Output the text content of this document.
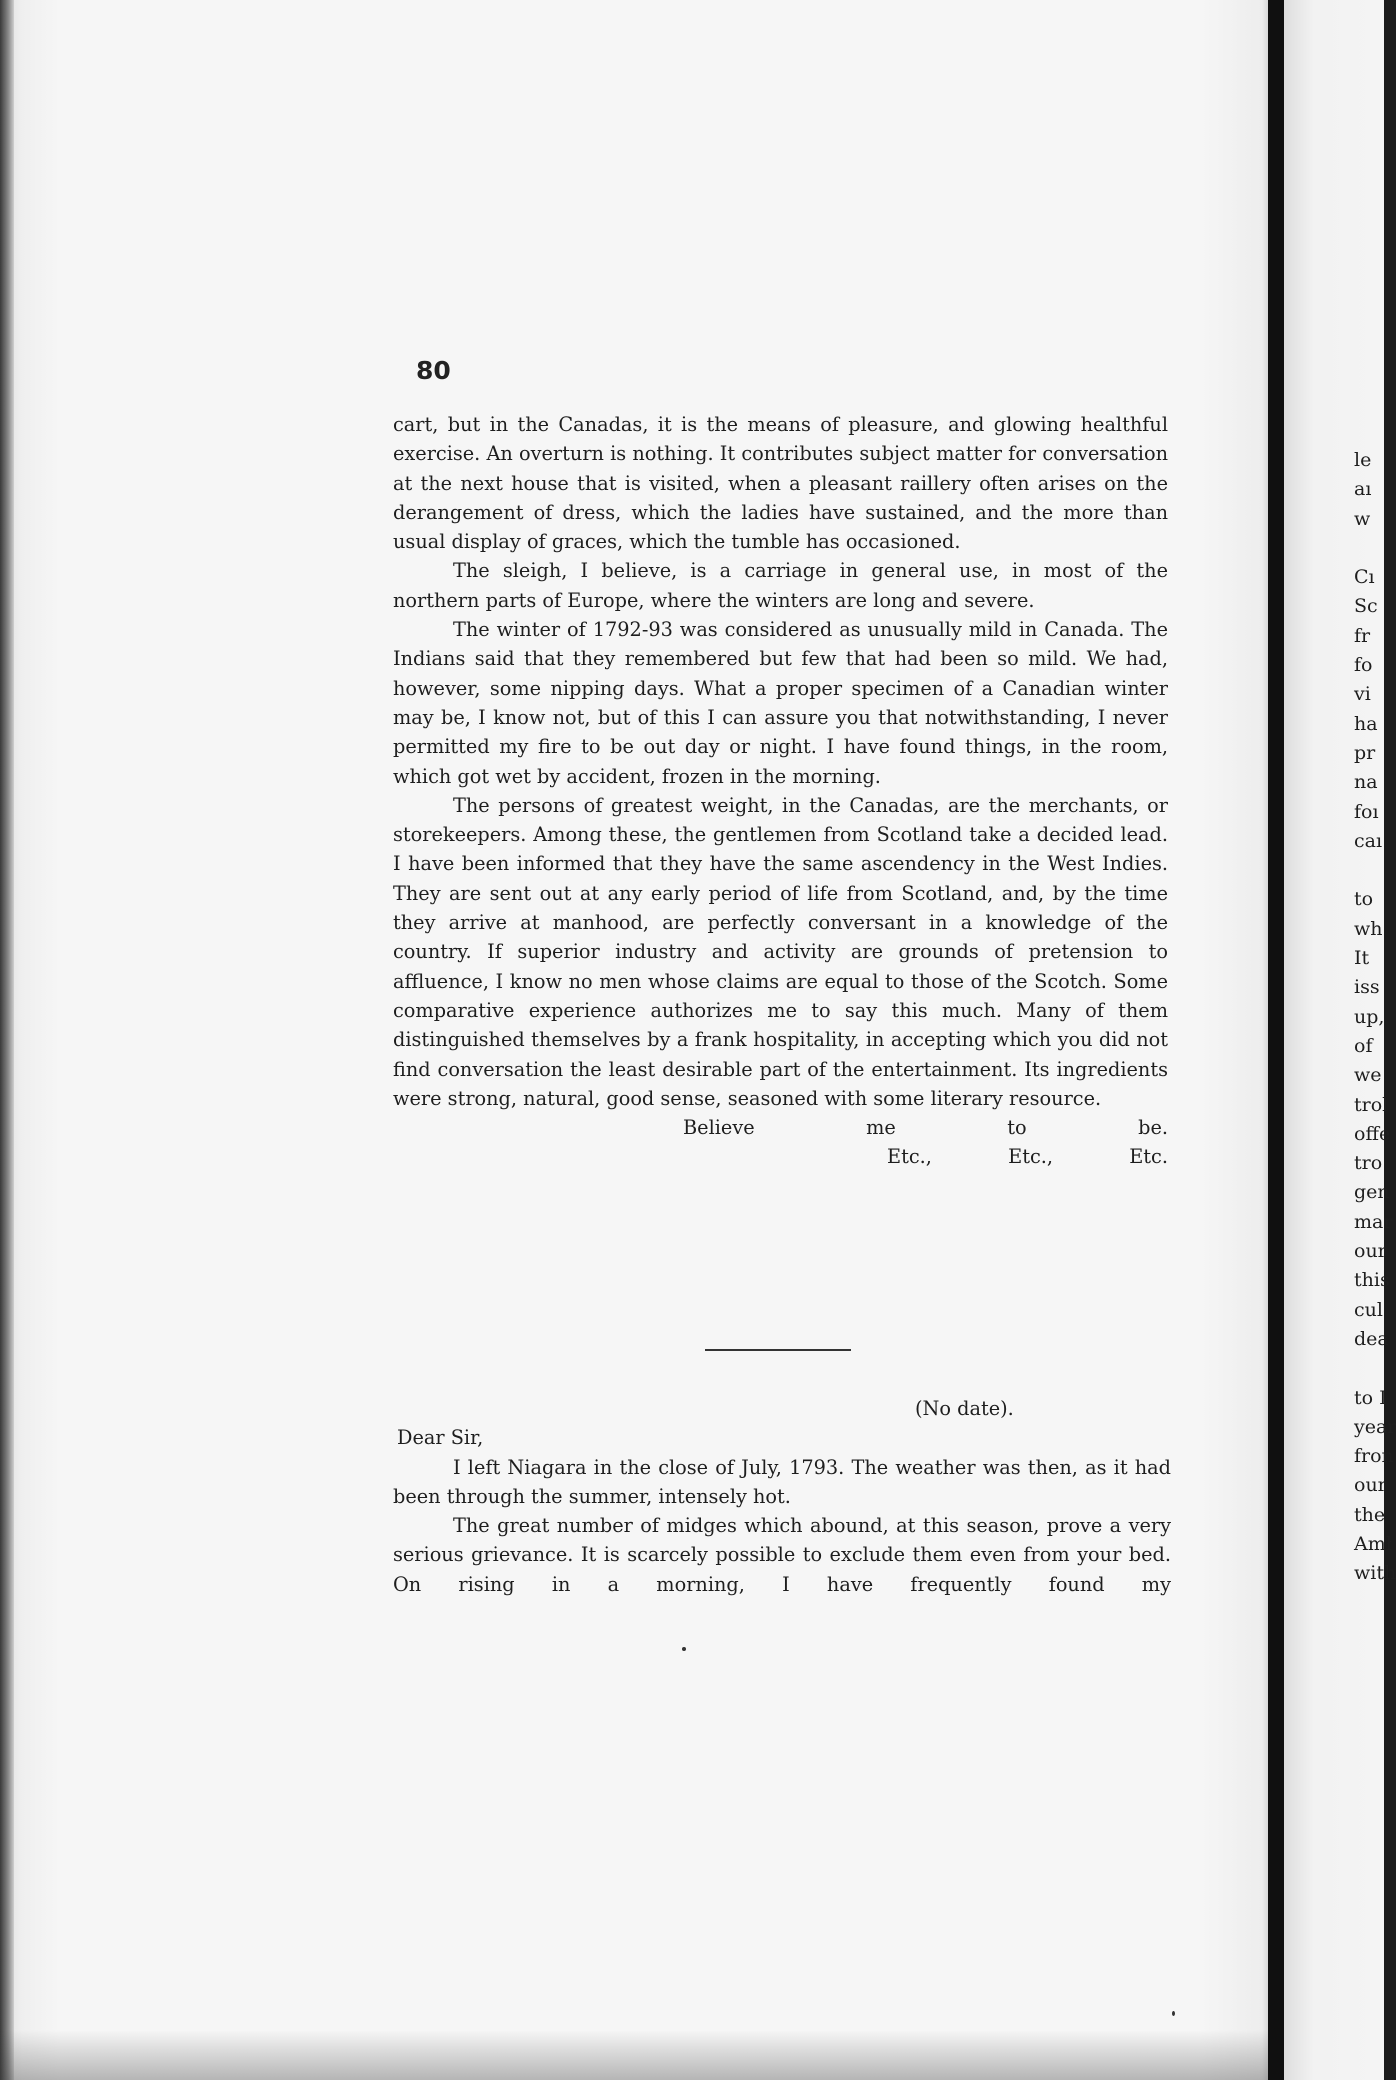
80

cart, but in the Canadas, it is the means of pleasure, and glowing healthful exercise. An overturn is nothing. It contributes subject matter for conversation at the next house that is visited, when a pleasant raillery often arises on the derangement of dress, which the ladies have sustained, and the more than usual display of graces, which the tumble has occasioned.

The sleigh, I believe, is a carriage in general use, in most of the northern parts of Europe, where the winters are long and severe.

The winter of 1792-93 was considered as unusually mild in Canada. The Indians said that they remembered but few that had been so mild. We had, however, some nipping days. What a proper specimen of a Canadian winter may be, I know not, but of this I can assure you that notwithstanding, I never permitted my fire to be out day or night. I have found things, in the room, which got wet by accident, frozen in the morning.

The persons of greatest weight, in the Canadas, are the merchants, or storekeepers. Among these, the gentlemen from Scotland take a decided lead. I have been informed that they have the same ascendency in the West Indies. They are sent out at any early period of life from Scotland, and, by the time they arrive at manhood, are perfectly conversant in a knowledge of the country. If superior industry and activity are grounds of pretension to affluence, I know no men whose claims are equal to those of the Scotch. Some comparative experience authorizes me to say this much. Many of them distinguished themselves by a frank hospitality, in accepting which you did not find conversation the least desirable part of the entertainment. Its ingredients were strong, natural, good sense, seasoned with some literary resource.

Believe me to be.

Etc., Etc., Etc.

(No date).

Dear Sir,

I left Niagara in the close of July, 1793. The weather was then, as it had been through the summer, intensely hot.

The great number of midges which abound, at this season, prove a very serious grievance. It is scarcely possible to exclude them even from your bed. On rising in a morning, I have frequently found my

le
aı
w
Cı
Sc
fr
fo
vi
ha
pr
na
foı
caı
to
wh
It
iss
up,
of
we
trol
offe
tro
gen
mar
our
this
cul
dea
to I
year
fron
our
the
Amł
with
